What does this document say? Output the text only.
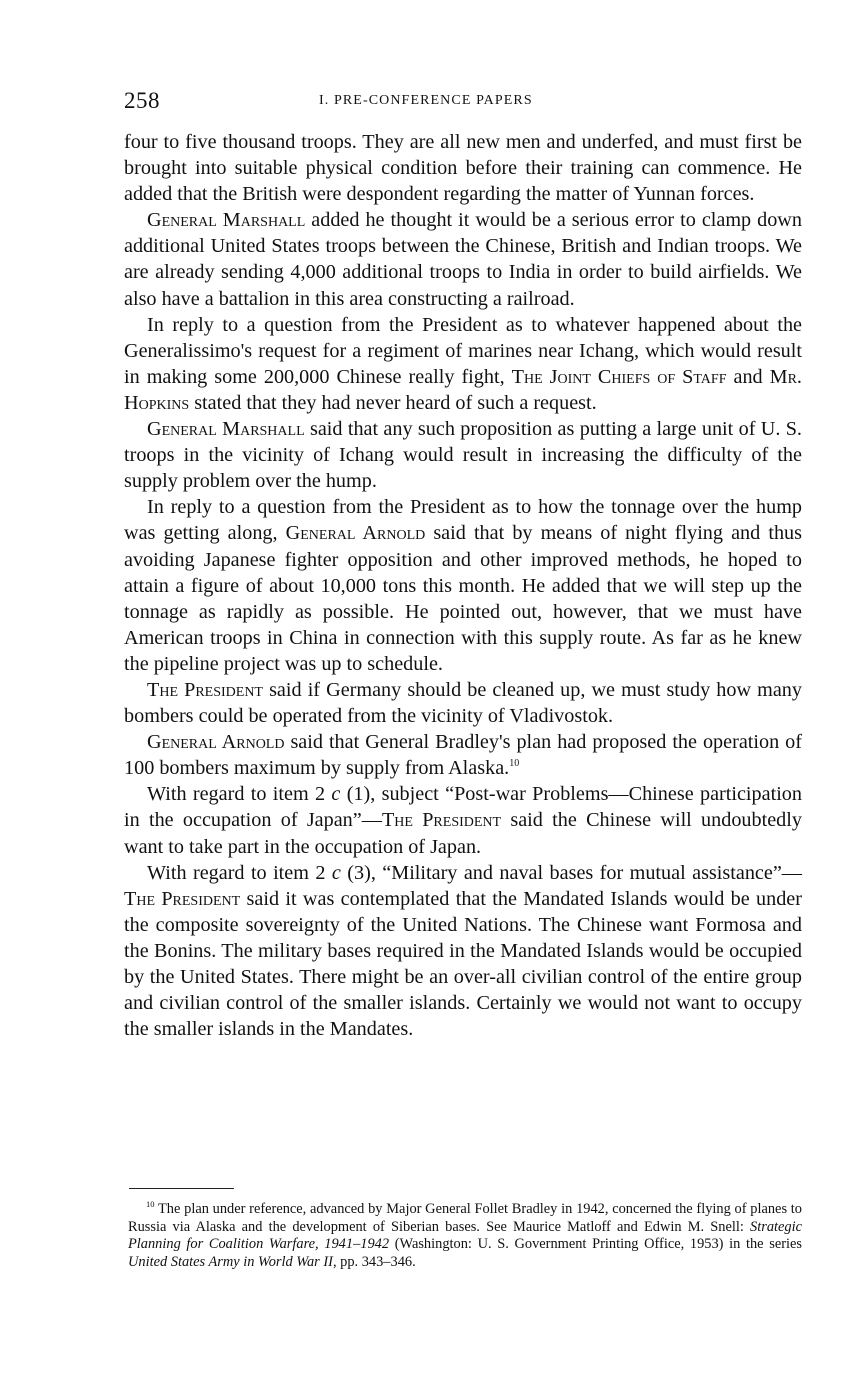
258	I. PRE-CONFERENCE PAPERS

four to five thousand troops. They are all new men and underfed, and must first be brought into suitable physical condition before their training can commence. He added that the British were despondent regarding the matter of Yunnan forces.

General Marshall added he thought it would be a serious error to clamp down additional United States troops between the Chinese, British and Indian troops. We are already sending 4,000 additional troops to India in order to build airfields. We also have a battalion in this area constructing a railroad.

In reply to a question from the President as to whatever happened about the Generalissimo's request for a regiment of marines near Ichang, which would result in making some 200,000 Chinese really fight, The Joint Chiefs of Staff and Mr. Hopkins stated that they had never heard of such a request.

General Marshall said that any such proposition as putting a large unit of U. S. troops in the vicinity of Ichang would result in increasing the difficulty of the supply problem over the hump.

In reply to a question from the President as to how the tonnage over the hump was getting along, General Arnold said that by means of night flying and thus avoiding Japanese fighter opposition and other improved methods, he hoped to attain a figure of about 10,000 tons this month. He added that we will step up the tonnage as rapidly as possible. He pointed out, however, that we must have American troops in China in connection with this supply route. As far as he knew the pipeline project was up to schedule.

The President said if Germany should be cleaned up, we must study how many bombers could be operated from the vicinity of Vladivostok.

General Arnold said that General Bradley's plan had proposed the operation of 100 bombers maximum by supply from Alaska.$^{10}$

With regard to item 2 c (1), subject “Post-war Problems—Chinese participation in the occupation of Japan”—The President said the Chinese will undoubtedly want to take part in the occupation of Japan.

With regard to item 2 c (3), “Military and naval bases for mutual assistance”—The President said it was contemplated that the Mandated Islands would be under the composite sovereignty of the United Nations. The Chinese want Formosa and the Bonins. The military bases required in the Mandated Islands would be occupied by the United States. There might be an over-all civilian control of the entire group and civilian control of the smaller islands. Certainly we would not want to occupy the smaller islands in the Mandates.

$^{10}$ The plan under reference, advanced by Major General Follet Bradley in 1942, concerned the flying of planes to Russia via Alaska and the development of Siberian bases. See Maurice Matloff and Edwin M. Snell: Strategic Planning for Coalition Warfare, 1941–1942 (Washington: U. S. Government Printing Office, 1953) in the series United States Army in World War II, pp. 343–346.
